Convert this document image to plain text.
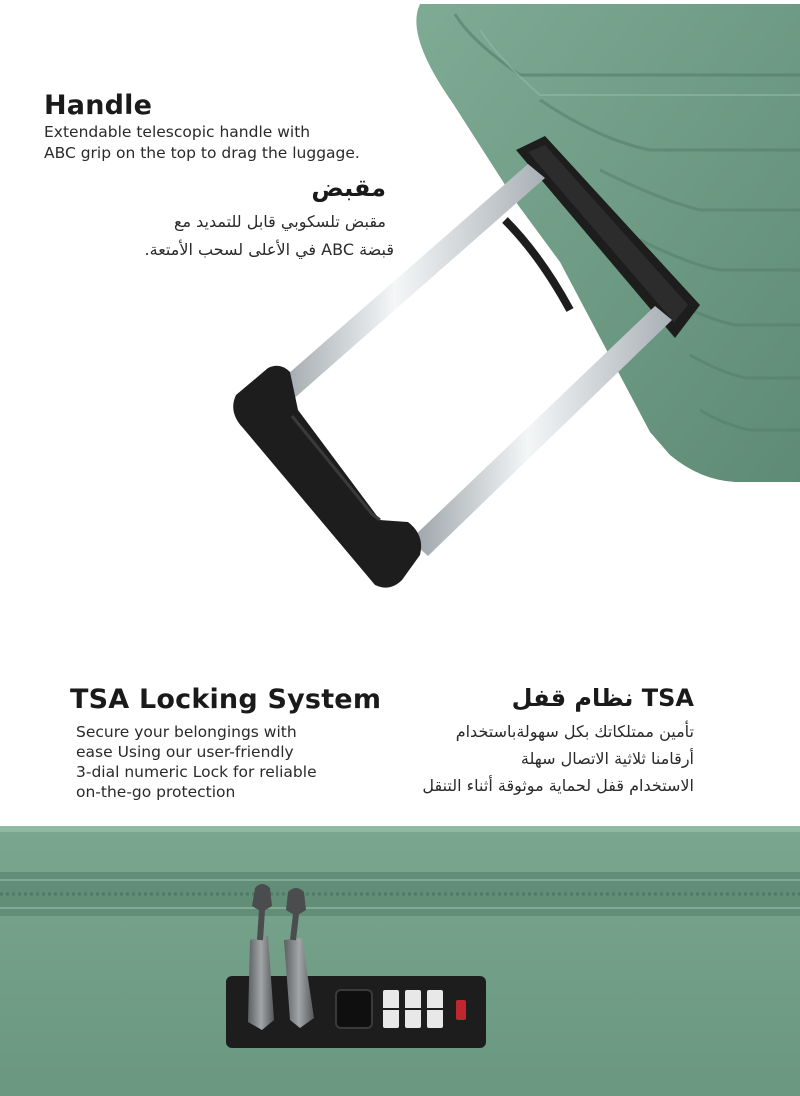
Handle
Extendable telescopic handle with
ABC grip on the top to drag the luggage.
مقبض
مقبض تلسكوبي قابل للتمديد مع
قبضة ABC في الأعلى لسحب الأمتعة.
TSA Locking System
Secure your belongings with
ease Using our user-friendly
3-dial numeric Lock for reliable
on-the-go protection
TSA نظام قفل
تأمين ممتلكاتك بكل سهولةباستخدام
أرقامنا ثلاثية الاتصال سهلة
الاستخدام قفل لحماية موثوقة أثناء التنقل
